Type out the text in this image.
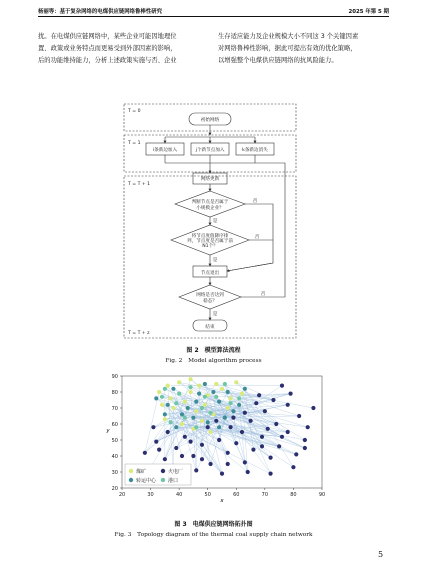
杨丽等：基于复杂网络的电煤供应链网络鲁棒性研究	2025 年第 5 期

扰。在电煤供应链网络中，某些企业可能因地理位

置、政策或业务特点而更易受到外部因素的影响，

后的功能维持能力，分析上述政策实施与否、企业

生存适应能力及企业规模大小不同这 3 个关键因素

对网络鲁棒性影响，据此可提出有效的优化策略，

以增强整个电煤供应链网络的抗风险能力。

T = 0
初始网络
T = 1
i条新边加入	j个新节点加入	k条新边消失
T = T + 1
网络更新
判断节点是否属于
小规模企业？
将节点度值降序排
列，节点度是否属于前
N1个？
节点退出
网络是否达到
稳态？
结束
是
是
是
否
否
否
T = T + z
图 2　模型算法流程
Fig. 2　Model algorithm process
20	30	40	50	60	70	80	90
20
30
40
50
60
70
80
90
x
y
煤矿	火电厂
转运中心 港口
图 3　电煤供应链网络拓扑图
Fig. 3　Topology diagram of the thermal coal supply chain network
5
